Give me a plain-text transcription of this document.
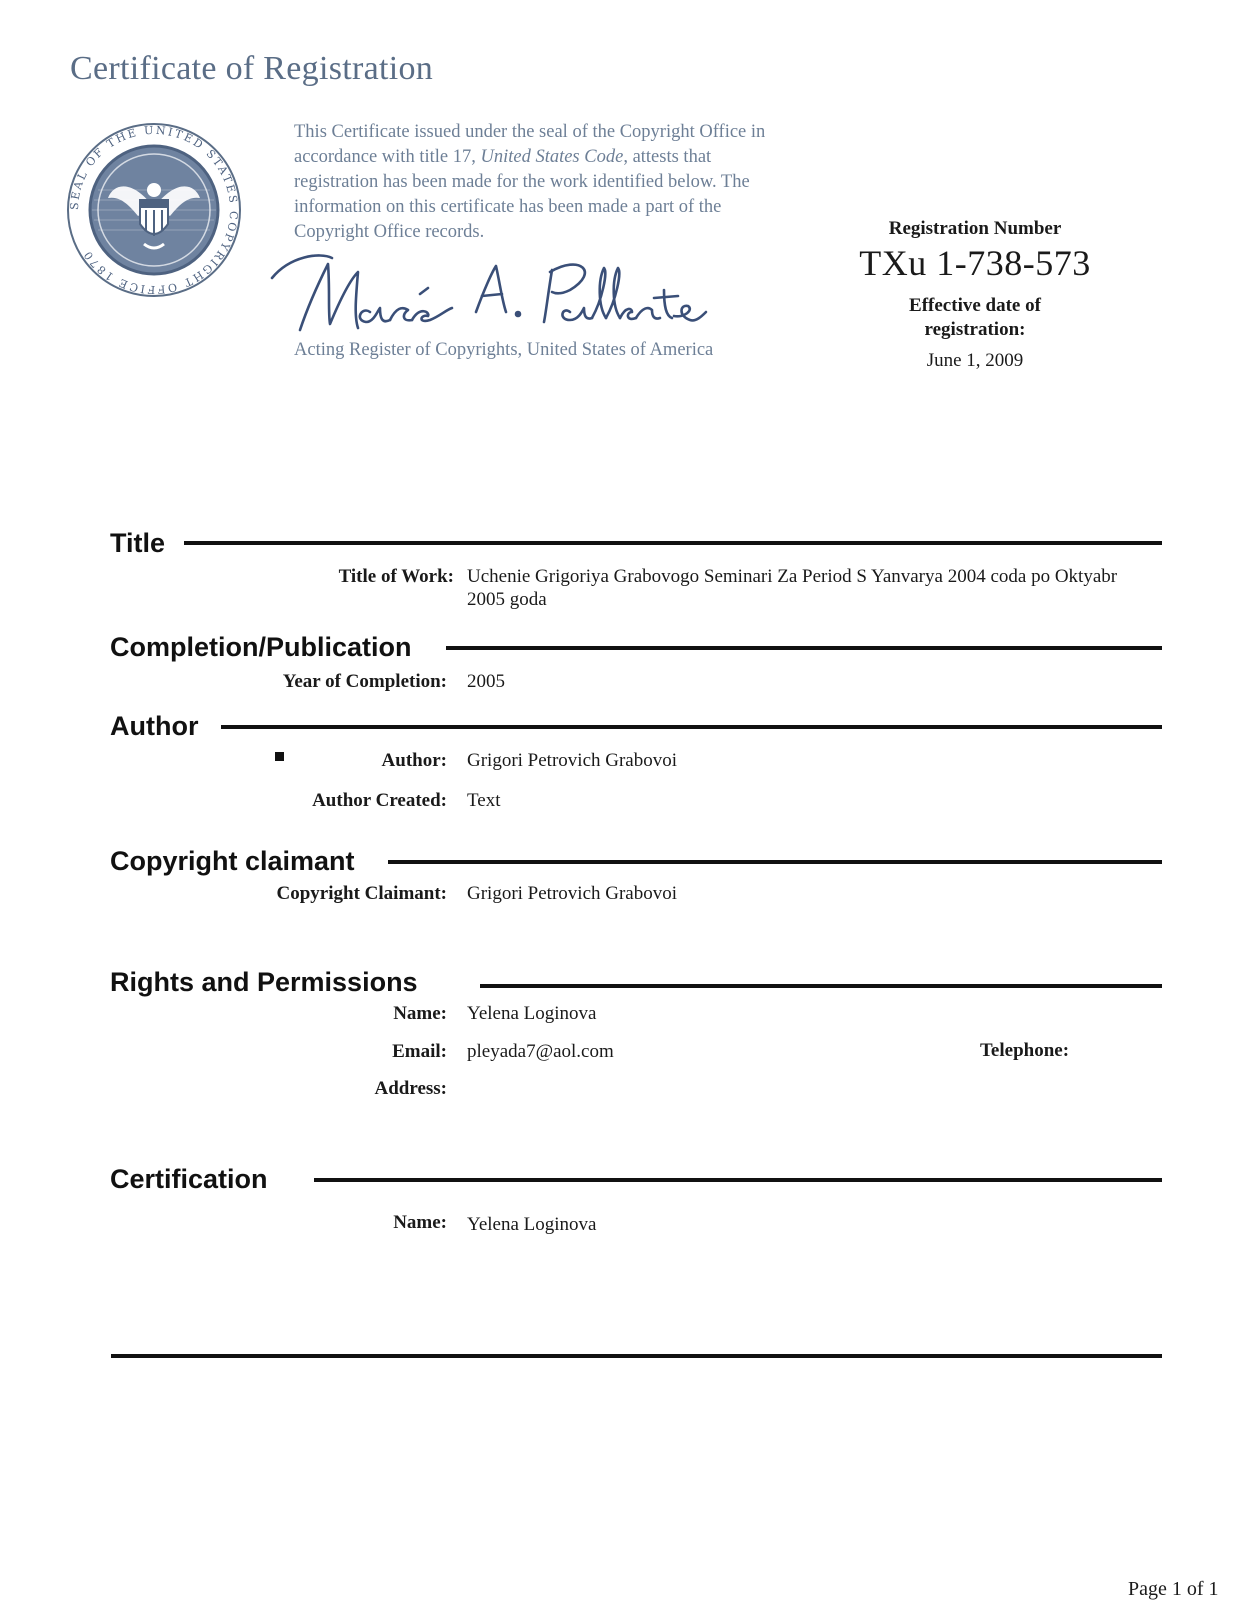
Certificate of Registration
SEAL OF THE UNITED STATES COPYRIGHT OFFICE 1870
This Certificate issued under the seal of the Copyright Office in accordance with title 17, United States Code, attests that registration has been made for the work identified below. The information on this certificate has been made a part of the Copyright Office records.
Acting Register of Copyrights, United States of America
Registration Number
TXu 1-738-573
Effective date of
registration:
June 1, 2009
Title
Title of Work: Uchenie Grigoriya Grabovogo Seminari Za Period S Yanvarya 2004 coda po Oktyabr
2005 goda
Completion/Publication
Year of Completion: 2005
Author
Author: Grigori Petrovich Grabovoi
Author Created: Text
Copyright claimant
Copyright Claimant: Grigori Petrovich Grabovoi
Rights and Permissions
Name: Yelena Loginova
Email: pleyada7@aol.com	Telephone:
Address:
Certification
Name: Yelena Loginova
Page 1 of 1
